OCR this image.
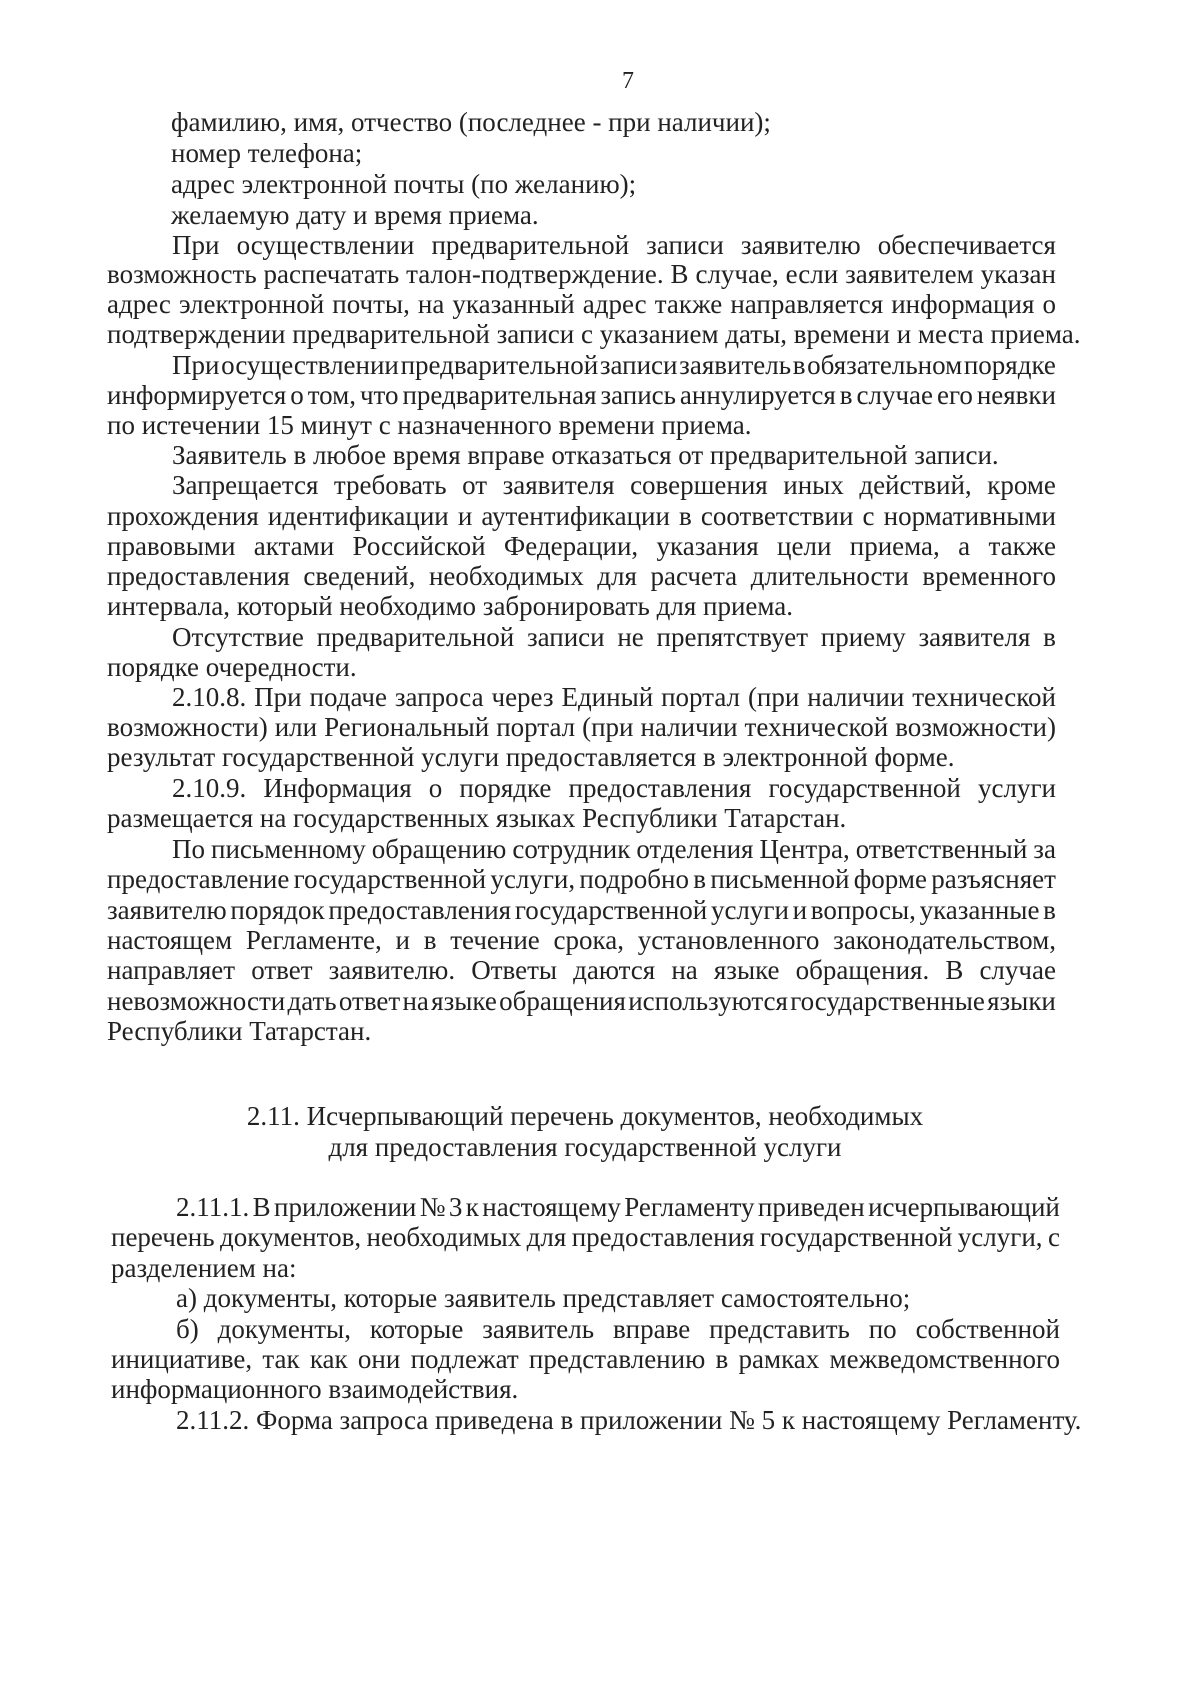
7
фамилию, имя, отчество (последнее - при наличии);
номер телефона;
адрес электронной почты (по желанию);
желаемую дату и время приема.
При осуществлении предварительной записи заявителю обеспечивается
возможность распечатать талон-подтверждение. В случае, если заявителем указан
адрес электронной почты, на указанный адрес также направляется информация о
подтверждении предварительной записи с указанием даты, времени и места приема.
При осуществлении предварительной записи заявитель в обязательном порядке
информируется о том, что предварительная запись аннулируется в случае его неявки
по истечении 15 минут с назначенного времени приема.
Заявитель в любое время вправе отказаться от предварительной записи.
Запрещается требовать от заявителя совершения иных действий, кроме
прохождения идентификации и аутентификации в соответствии с нормативными
правовыми актами Российской Федерации, указания цели приема, а также
предоставления сведений, необходимых для расчета длительности временного
интервала, который необходимо забронировать для приема.
Отсутствие предварительной записи не препятствует приему заявителя в
порядке очередности.
2.10.8. При подаче запроса через Единый портал (при наличии технической
возможности) или Региональный портал (при наличии технической возможности)
результат государственной услуги предоставляется в электронной форме.
2.10.9. Информация о порядке предоставления государственной услуги
размещается на государственных языках Республики Татарстан.
По письменному обращению сотрудник отделения Центра, ответственный за
предоставление государственной услуги, подробно в письменной форме разъясняет
заявителю порядок предоставления государственной услуги и вопросы, указанные в
настоящем Регламенте, и в течение срока, установленного законодательством,
направляет ответ заявителю. Ответы даются на языке обращения. В случае
невозможности дать ответ на языке обращения используются государственные языки
Республики Татарстан.
2.11. Исчерпывающий перечень документов, необходимых
для предоставления государственной услуги
2.11.1. В приложении № 3 к настоящему Регламенту приведен исчерпывающий
перечень документов, необходимых для предоставления государственной услуги, с
разделением на:
а) документы, которые заявитель представляет самостоятельно;
б) документы, которые заявитель вправе представить по собственной
инициативе, так как они подлежат представлению в рамках межведомственного
информационного взаимодействия.
2.11.2. Форма запроса приведена в приложении № 5 к настоящему Регламенту.
